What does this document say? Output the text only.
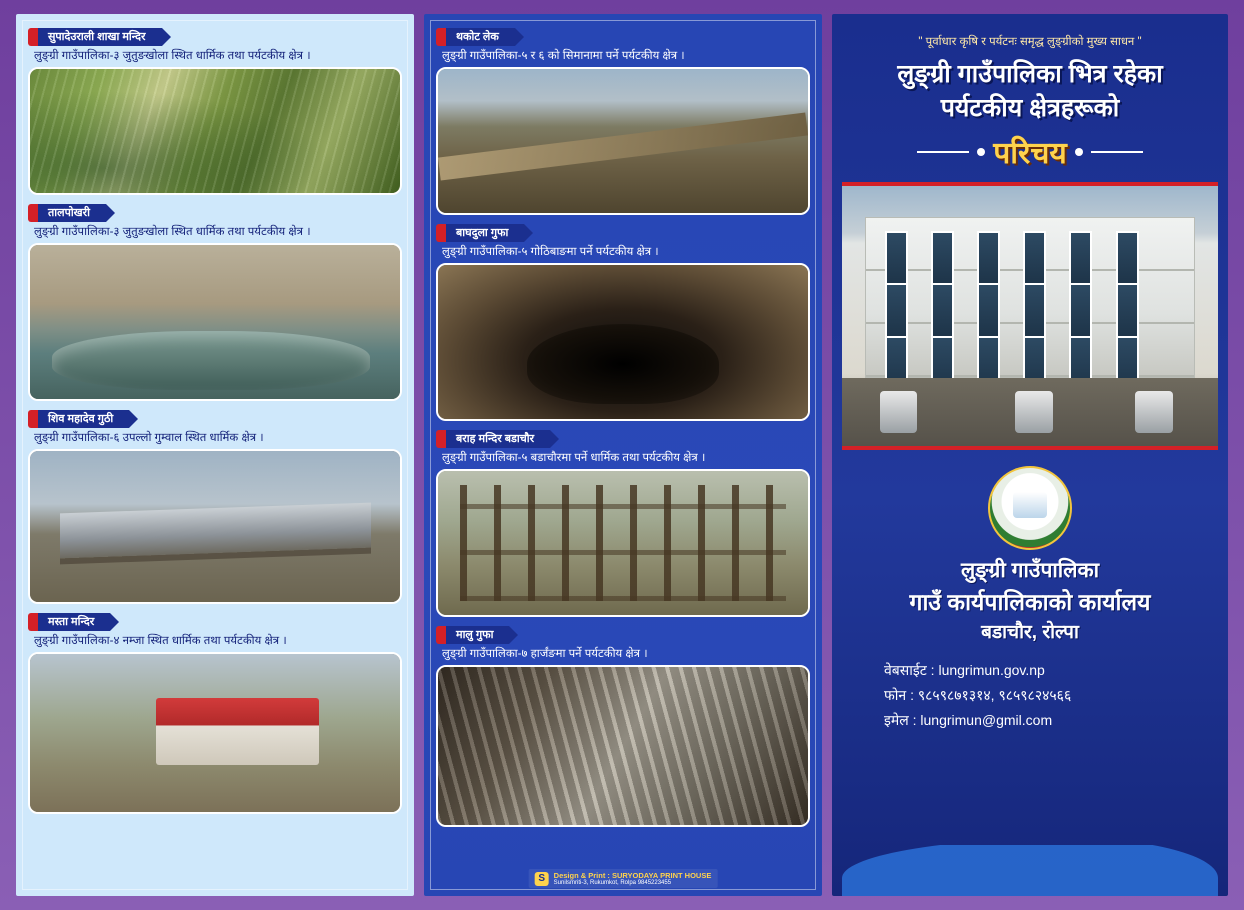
सुपादेउराली शाखा मन्दिर
लुङ्ग्री गाउँपालिका-३ जुतुङखोला स्थित धार्मिक तथा पर्यटकीय क्षेत्र ।
तालपोखरी
लुङ्ग्री गाउँपालिका-३ जुतुङखोला स्थित धार्मिक तथा पर्यटकीय क्षेत्र ।
शिव महादेव गुठी
लुङ्ग्री गाउँपालिका-६ उपल्लो गुम्वाल स्थित धार्मिक क्षेत्र ।
मस्ता मन्दिर
लुङ्ग्री गाउँपालिका-४ नम्जा स्थित धार्मिक तथा पर्यटकीय क्षेत्र ।
थकोट लेक
लुङ्ग्री गाउँपालिका-५ र ६ को सिमानामा पर्ने पर्यटकीय क्षेत्र ।
बाघदुला गुफा
लुङ्ग्री गाउँपालिका-५ गोठिबाङमा पर्ने पर्यटकीय क्षेत्र ।
बराह मन्दिर बडाचौर
लुङ्ग्री गाउँपालिका-५ बडाचौरमा पर्ने धार्मिक तथा पर्यटकीय क्षेत्र ।
मालु गुफा
लुङ्ग्री गाउँपालिका-७ हार्जंङमा पर्ने पर्यटकीय क्षेत्र ।
S	Design & Print : SURYODAYA PRINT HOUSE
Sunilsmriti-3, Rukumkot, Rolpa 9845223455
" पूर्वाधार कृषि र पर्यटनः समृद्ध लुङ्ग्रीको मुख्य साधन "
लुङ्ग्री गाउँपालिका भित्र रहेका
पर्यटकीय क्षेत्रहरूको
परिचय
लुङ्ग्री गाउँपालिका
गाउँ कार्यपालिकाको कार्यालय
बडाचौर, रोल्पा
वेबसाईट : lungrimun.gov.np
फोन : ९८५९८७१३१४, ९८५९८२४५६६
इमेल : lungrimun@gmil.com
